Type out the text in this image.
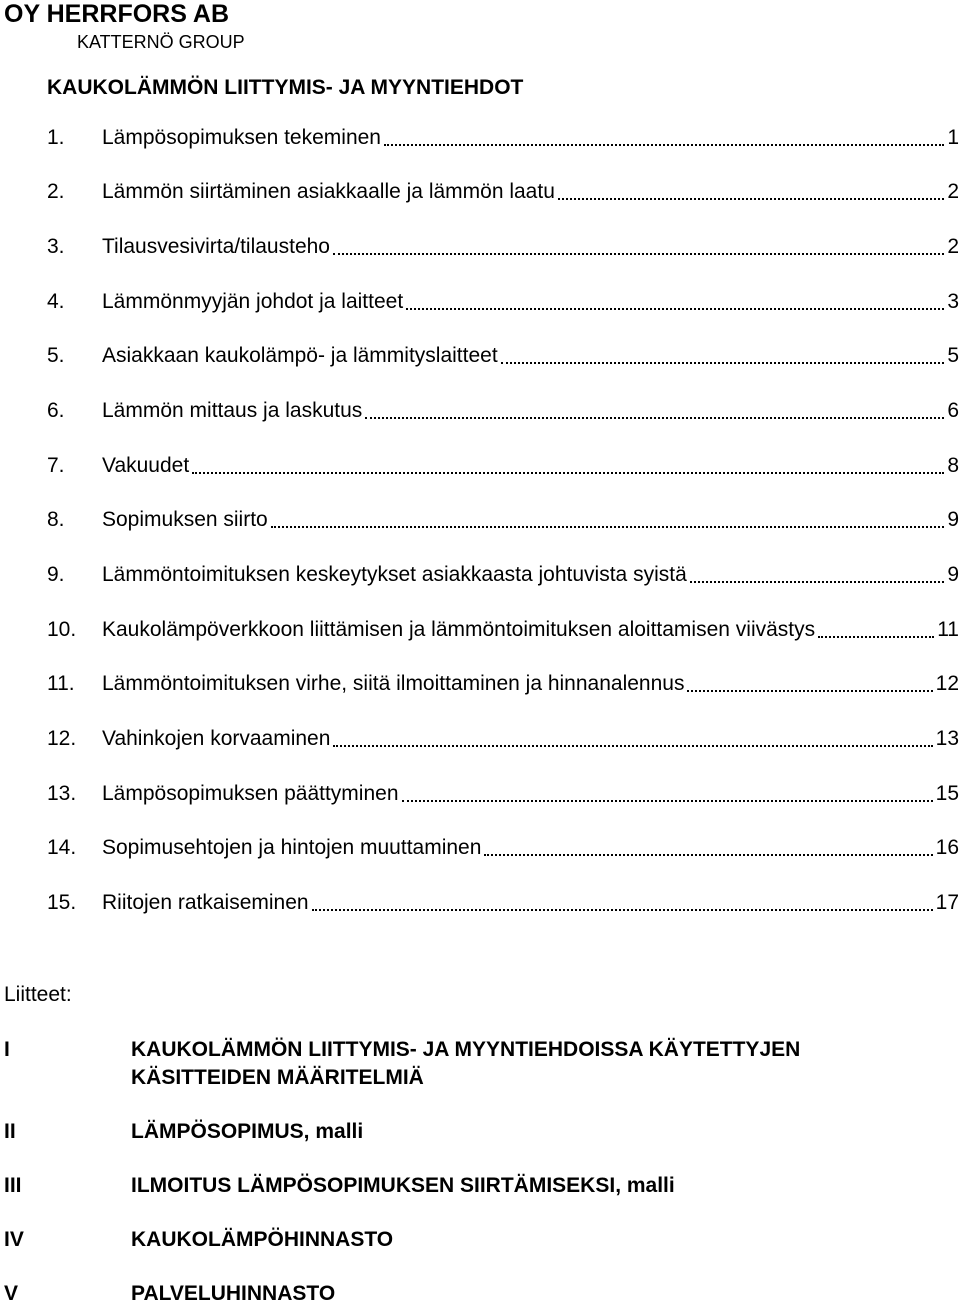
OY HERRFORS AB
KATTERNÖ GROUP
KAUKOLÄMMÖN LIITTYMIS- JA MYYNTIEHDOT
1.	Lämpösopimuksen tekeminen	1
2.	Lämmön siirtäminen asiakkaalle ja lämmön laatu	2
3.	Tilausvesivirta/tilausteho	2
4.	Lämmönmyyjän johdot ja laitteet	3
5.	Asiakkaan kaukolämpö- ja lämmityslaitteet	5
6.	Lämmön mittaus ja laskutus	6
7.	Vakuudet	8
8.	Sopimuksen siirto	9
9.	Lämmöntoimituksen keskeytykset asiakkaasta johtuvista syistä	9
10.	Kaukolämpöverkkoon liittämisen ja lämmöntoimituksen aloittamisen viivästys	11
11.	Lämmöntoimituksen virhe, siitä ilmoittaminen ja hinnanalennus	12
12.	Vahinkojen korvaaminen	13
13.	Lämpösopimuksen päättyminen	15
14.	Sopimusehtojen ja hintojen muuttaminen	16
15.	Riitojen ratkaiseminen	17
Liitteet:
I	KAUKOLÄMMÖN LIITTYMIS- JA MYYNTIEHDOISSA KÄYTETTYJEN KÄSITTEIDEN MÄÄRITELMIÄ
II	LÄMPÖSOPIMUS, malli
III	ILMOITUS LÄMPÖSOPIMUKSEN SIIRTÄMISEKSI, malli
IV	KAUKOLÄMPÖHINNASTO
V	PALVELUHINNASTO
